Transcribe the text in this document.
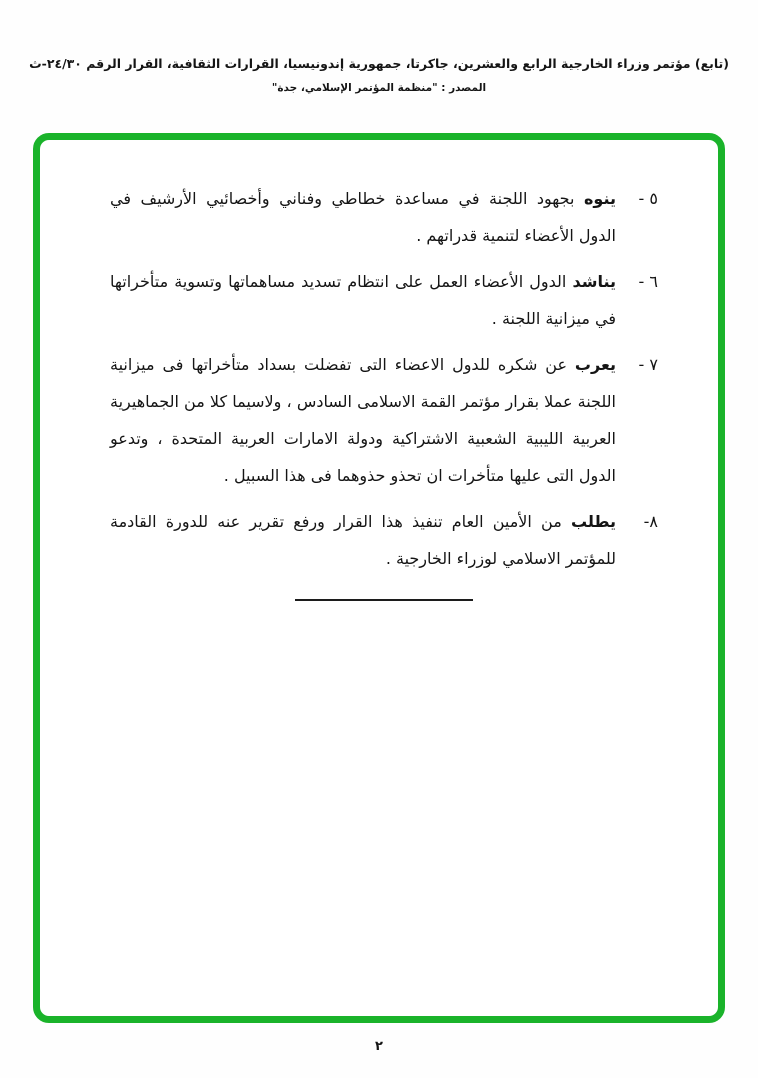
(تابع) مؤتمر وزراء الخارجية الرابع والعشرين، جاكرتا، جمهورية إندونيسيا، القرارات الثقافية، القرار الرقم ٢٤/٣٠-ث
المصدر : "منظمة المؤتمر الإسلامي، جدة"
٥ -

ينوه بجهود اللجنة في مساعدة خطاطي وفناني وأخصائيي الأرشيف في الدول الأعضاء لتنمية قدراتهم .

٦ -

يناشد الدول الأعضاء العمل على انتظام تسديد مساهماتها وتسوية متأخراتها في ميزانية اللجنة .

٧ -

يعرب عن شكره للدول الاعضاء التى تفضلت بسداد متأخراتها فى ميزانية اللجنة عملا بقرار مؤتمر القمة الاسلامى السادس ، ولاسيما كلا من الجماهيرية العربية الليبية الشعبية الاشتراكية ودولة الامارات العربية المتحدة ، وتدعو الدول التى عليها متأخرات ان تحذو حذوهما فى هذا السبيل .

٨-

يطلب من الأمين العام تنفيذ هذا القرار ورفع تقرير عنه للدورة القادمة للمؤتمر الاسلامي لوزراء الخارجية .

٢
